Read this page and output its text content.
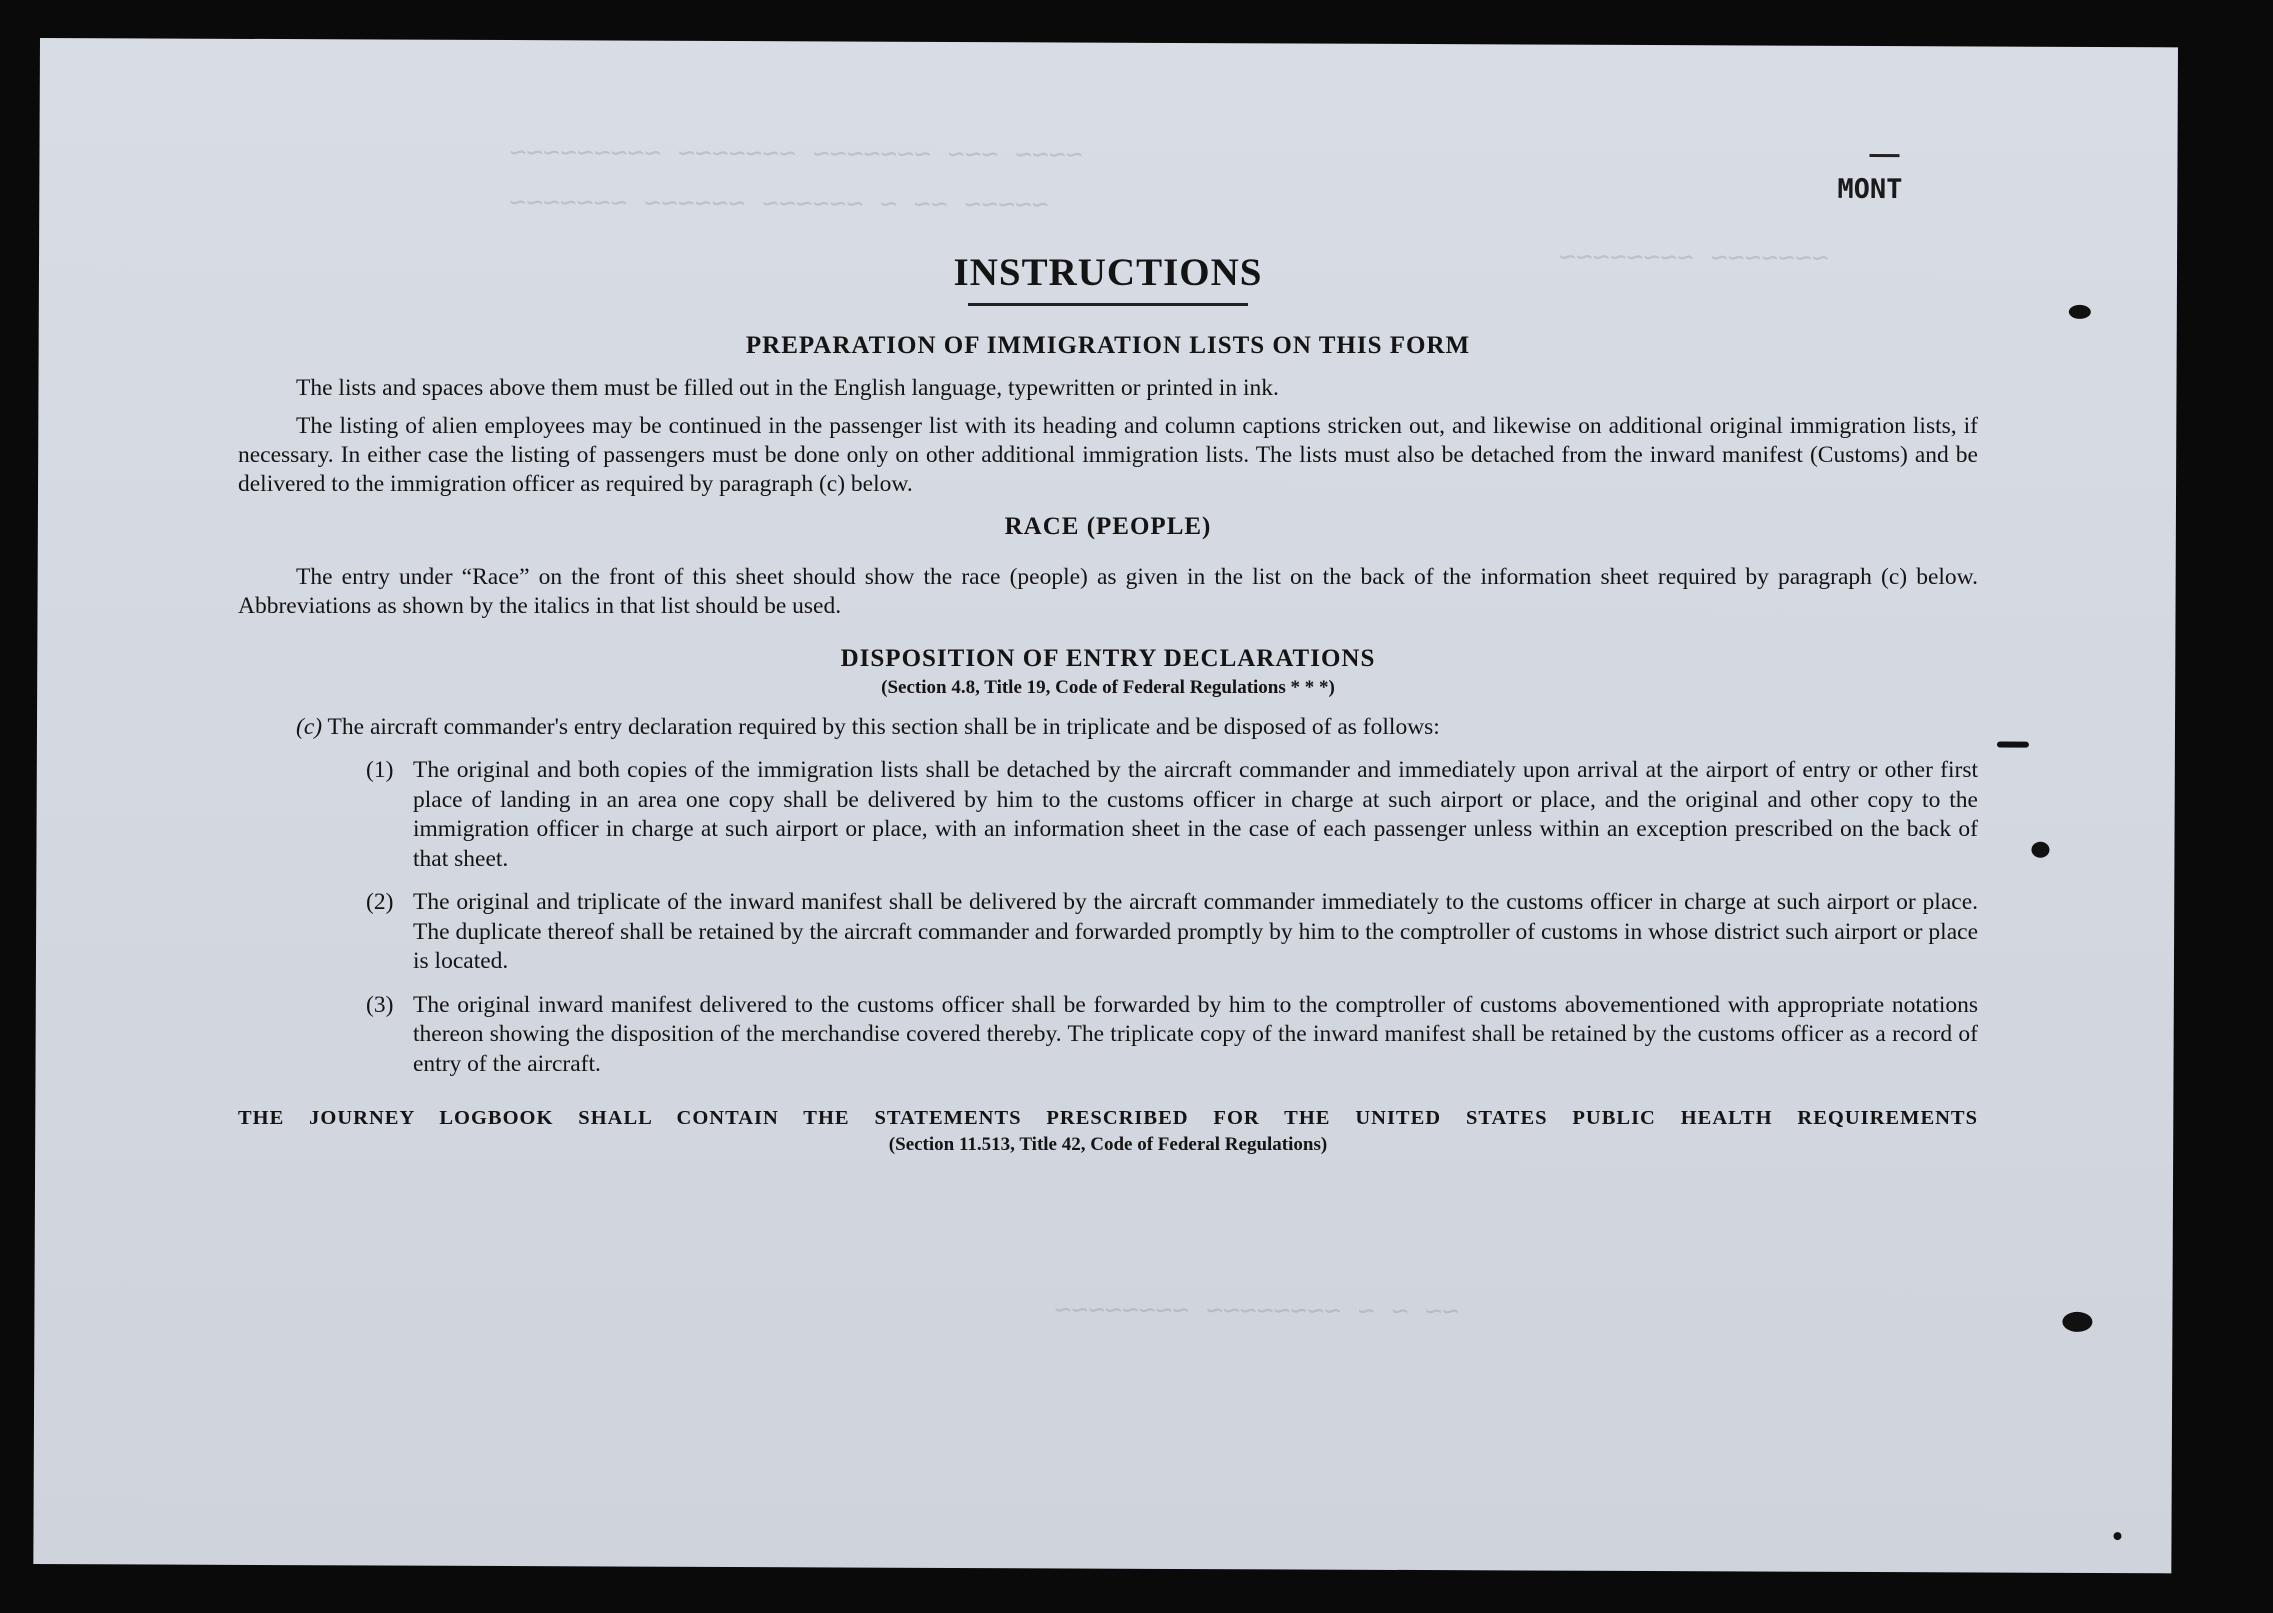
~~~~ ~~~ ~~~~~~~ ~~~~~~~ ~~~~~~~~~
~~~~~ ~~ ~ ~~~~~~ ~~~~~~ ~~~~~~~
~~~~~~~ ~~~~~~~~
~~ ~ ~ ~~~~~~~~ ~~~~~~~~
MONT
INSTRUCTIONS
PREPARATION OF IMMIGRATION LISTS ON THIS FORM

The lists and spaces above them must be filled out in the English language, typewritten or printed in ink.

The listing of alien employees may be continued in the passenger list with its heading and column captions stricken out, and likewise on additional original immigration lists, if necessary. In either case the listing of passengers must be done only on other additional immigration lists. The lists must also be detached from the inward manifest (Customs) and be delivered to the immigration officer as required by paragraph (c) below.

RACE (PEOPLE)

The entry under “Race” on the front of this sheet should show the race (people) as given in the list on the back of the information sheet required by paragraph (c) below. Abbreviations as shown by the italics in that list should be used.

DISPOSITION OF ENTRY DECLARATIONS
(Section 4.8, Title 19, Code of Federal Regulations * * *)

(c) The aircraft commander's entry declaration required by this section shall be in triplicate and be disposed of as follows:

(1) The original and both copies of the immigration lists shall be detached by the aircraft commander and immediately upon arrival at the airport of entry or other first place of landing in an area one copy shall be delivered by him to the customs officer in charge at such airport or place, and the original and other copy to the immigration officer in charge at such airport or place, with an information sheet in the case of each passenger unless within an exception prescribed on the back of that sheet.
(2) The original and triplicate of the inward manifest shall be delivered by the aircraft commander immediately to the customs officer in charge at such airport or place. The duplicate thereof shall be retained by the aircraft commander and forwarded promptly by him to the comptroller of customs in whose district such airport or place is located.
(3) The original inward manifest delivered to the customs officer shall be forwarded by him to the comptroller of customs abovementioned with appropriate notations thereon showing the disposition of the merchandise covered thereby. The triplicate copy of the inward manifest shall be retained by the customs officer as a record of entry of the aircraft.
THE JOURNEY LOGBOOK SHALL CONTAIN THE STATEMENTS PRESCRIBED FOR THE UNITED STATES PUBLIC HEALTH REQUIREMENTS
(Section 11.513, Title 42, Code of Federal Regulations)
